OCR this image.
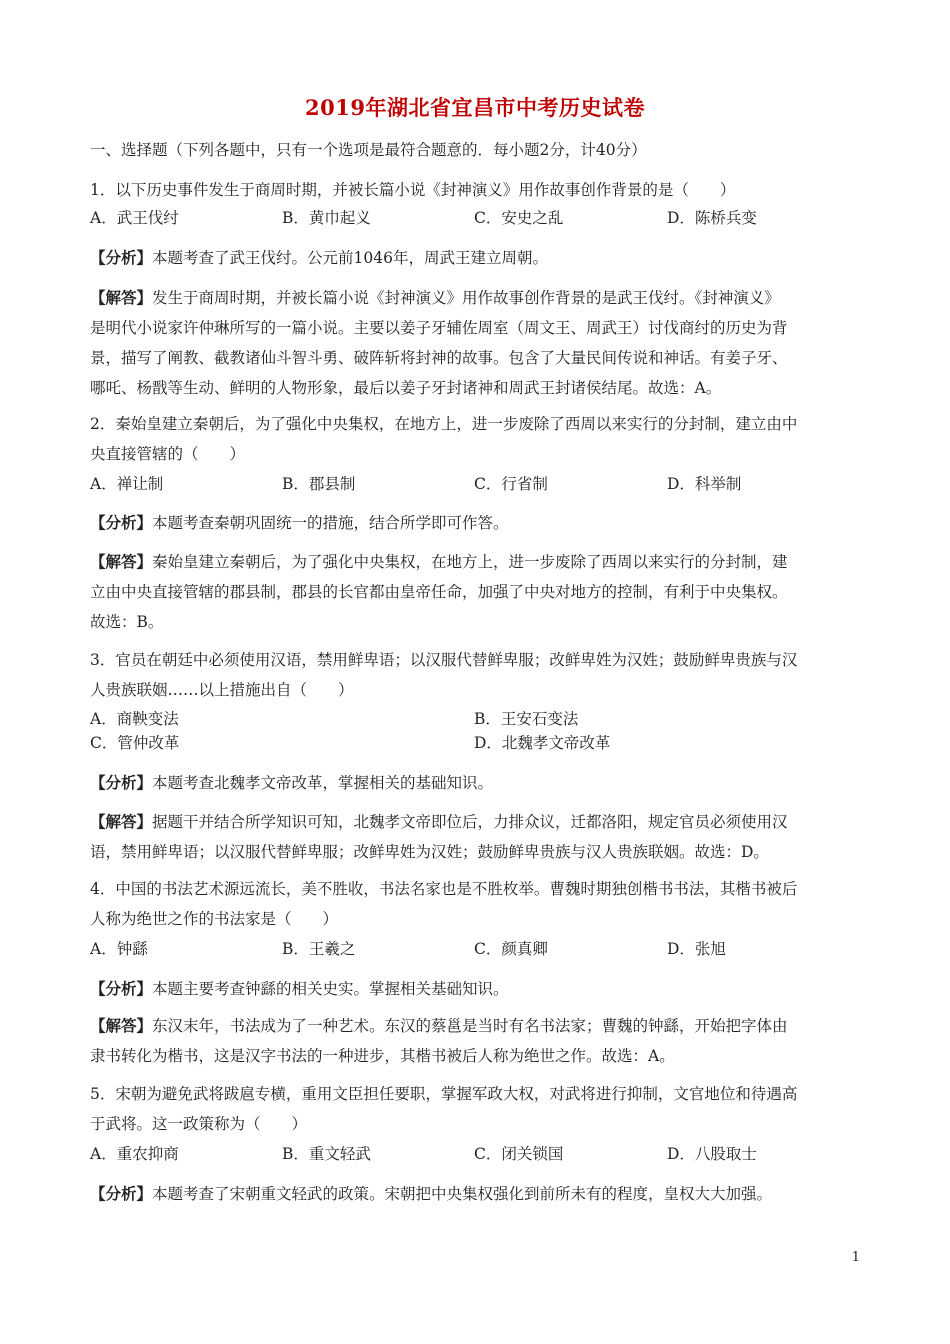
2019年湖北省宜昌市中考历史试卷
一、选择题（下列各题中，只有一个选项是最符合题意的．每小题2分，计40分）
1．以下历史事件发生于商周时期，并被长篇小说《封神演义》用作故事创作背景的是（　　）
A．武王伐纣	B．黄巾起义	C．安史之乱	D．陈桥兵变
【分析】本题考查了武王伐纣。公元前1046年，周武王建立周朝。
【解答】发生于商周时期，并被长篇小说《封神演义》用作故事创作背景的是武王伐纣。《封神演义》
是明代小说家许仲琳所写的一篇小说。主要以姜子牙辅佐周室（周文王、周武王）讨伐商纣的历史为背
景，描写了阐教、截教诸仙斗智斗勇、破阵斩将封神的故事。包含了大量民间传说和神话。有姜子牙、
哪吒、杨戬等生动、鲜明的人物形象，最后以姜子牙封诸神和周武王封诸侯结尾。故选：A。
2．秦始皇建立秦朝后，为了强化中央集权，在地方上，进一步废除了西周以来实行的分封制，建立由中
央直接管辖的（　　）
A．禅让制	B．郡县制	C．行省制	D．科举制
【分析】本题考查秦朝巩固统一的措施，结合所学即可作答。
【解答】秦始皇建立秦朝后，为了强化中央集权，在地方上，进一步废除了西周以来实行的分封制，建
立由中央直接管辖的郡县制，郡县的长官都由皇帝任命，加强了中央对地方的控制，有利于中央集权。
故选：B。
3．官员在朝廷中必须使用汉语，禁用鲜卑语；以汉服代替鲜卑服；改鲜卑姓为汉姓；鼓励鲜卑贵族与汉
人贵族联姻……以上措施出自（　　）
A．商鞅变法	B．王安石变法
C．管仲改革	D．北魏孝文帝改革
【分析】本题考查北魏孝文帝改革，掌握相关的基础知识。
【解答】据题干并结合所学知识可知，北魏孝文帝即位后，力排众议，迁都洛阳，规定官员必须使用汉
语，禁用鲜卑语；以汉服代替鲜卑服；改鲜卑姓为汉姓；鼓励鲜卑贵族与汉人贵族联姻。故选：D。
4．中国的书法艺术源远流长，美不胜收，书法名家也是不胜枚举。曹魏时期独创楷书书法，其楷书被后
人称为绝世之作的书法家是（　　）
A．钟繇	B．王羲之	C．颜真卿	D．张旭
【分析】本题主要考查钟繇的相关史实。掌握相关基础知识。
【解答】东汉末年，书法成为了一种艺术。东汉的蔡邕是当时有名书法家；曹魏的钟繇，开始把字体由
隶书转化为楷书，这是汉字书法的一种进步，其楷书被后人称为绝世之作。故选：A。
5．宋朝为避免武将跋扈专横，重用文臣担任要职，掌握军政大权，对武将进行抑制，文官地位和待遇高
于武将。这一政策称为（　　）
A．重农抑商	B．重文轻武	C．闭关锁国	D．八股取士
【分析】本题考查了宋朝重文轻武的政策。宋朝把中央集权强化到前所未有的程度，皇权大大加强。
1
